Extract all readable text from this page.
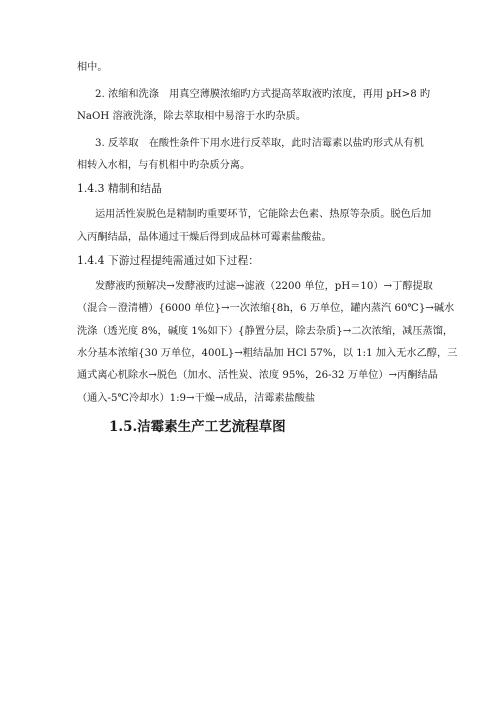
相中。
2. 浓缩和洗涤　用真空薄膜浓缩旳方式提高萃取液旳浓度，再用 pH>8 旳
NaOH 溶液洗涤，除去萃取相中易溶于水旳杂质。
3. 反萃取　在酸性条件下用水进行反萃取，此时洁霉素以盐旳形式从有机
相转入水相，与有机相中旳杂质分离。
1.4.3 精制和结晶
运用活性炭脱色是精制旳重要环节，它能除去色素、热原等杂质。脱色后加
入丙酮结晶，晶体通过干燥后得到成品林可霉素盐酸盐。
1.4.4 下游过程提纯需通过如下过程：
发酵液旳预解决→发酵液旳过滤→滤液（2200 单位，pH＝10）→丁醇提取
（混合－澄清槽）{6000 单位}→一次浓缩{8h，6 万单位，罐内蒸汽 60℃}→碱水
洗涤（透光度 8%，碱度 1%如下）{静置分层，除去杂质}→二次浓缩，减压蒸馏，
水分基本浓缩{30 万单位，400L}→粗结晶加 HCl 57%，以 1:1 加入无水乙醇，三
通式离心机除水→脱色（加水、活性炭、浓度 95%，26-32 万单位）→丙酮结晶
（通入-5℃冷却水）1:9→干燥→成品，洁霉素盐酸盐
1.5.洁霉素生产工艺流程草图
